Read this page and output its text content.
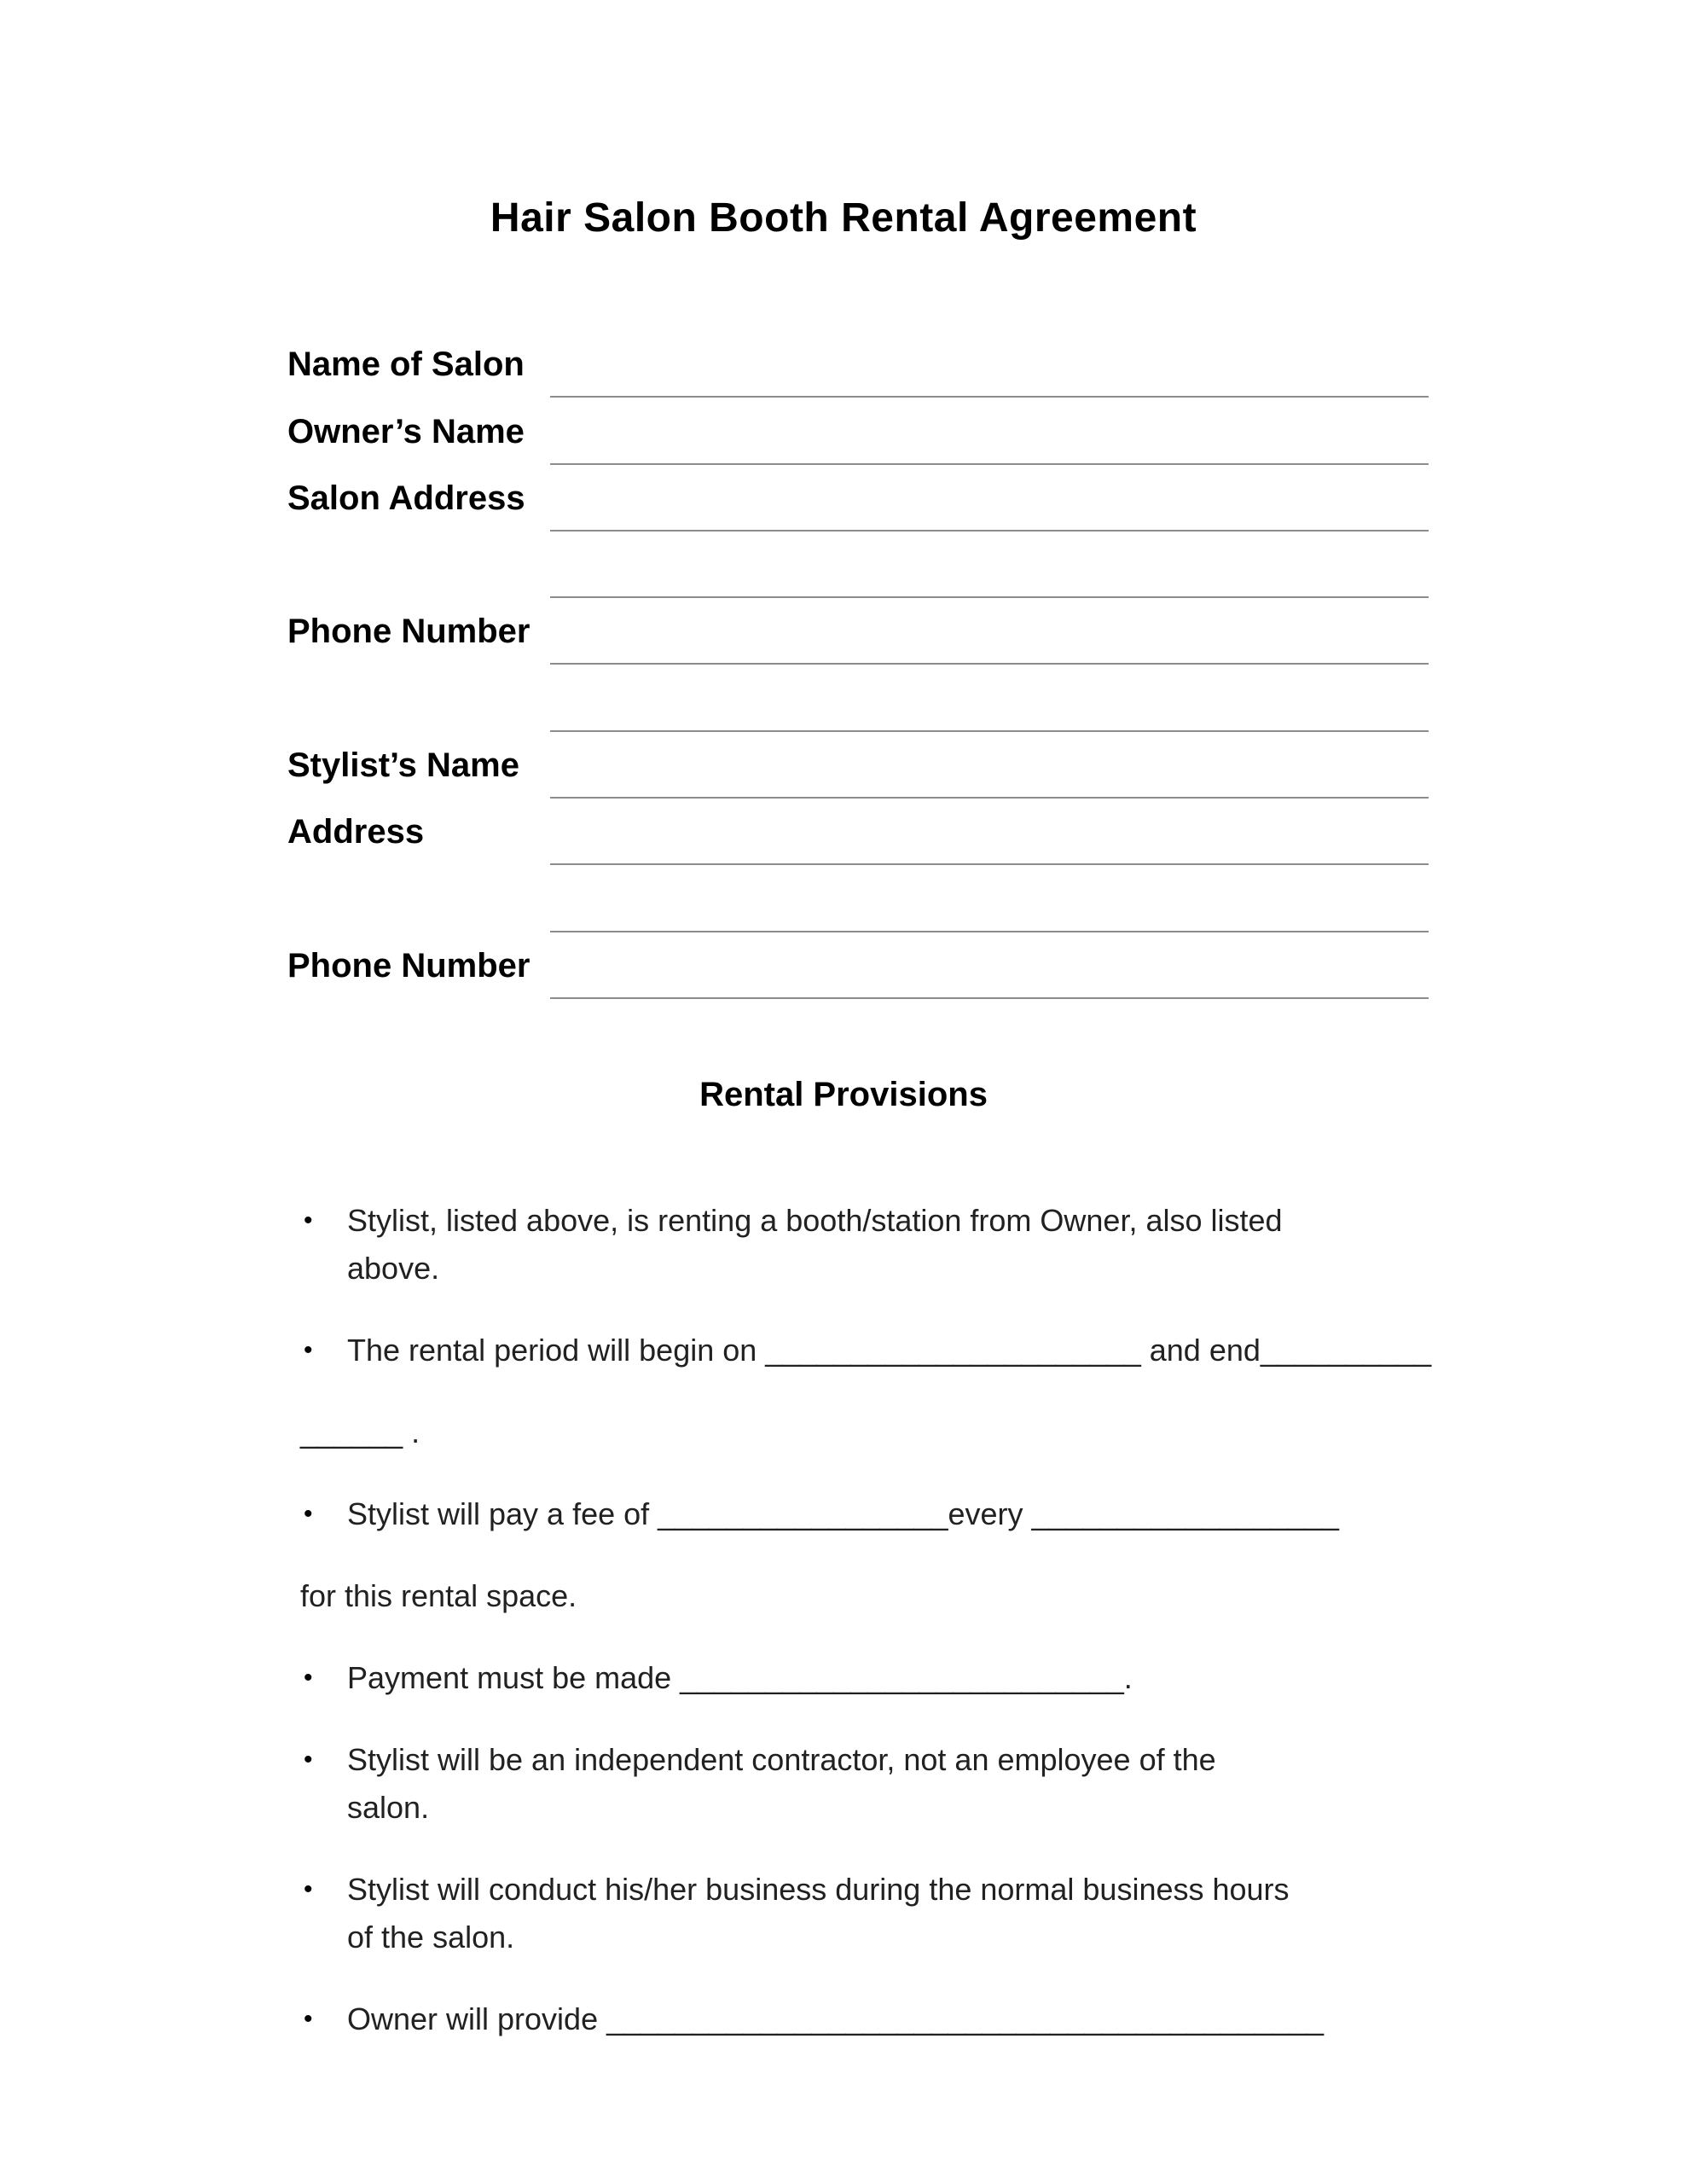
Hair Salon Booth Rental Agreement
Name of Salon
Owner’s Name
Salon Address
Phone Number
Stylist’s Name
Address
Phone Number
Rental Provisions
• Stylist, listed above, is renting a booth/station from Owner, also listed
above.
• The rental period will begin on ______________________ and end__________
______ .
• Stylist will pay a fee of _________________every __________________
for this rental space.
• Payment must be made __________________________.
• Stylist will be an independent contractor, not an employee of the
salon.
• Stylist will conduct his/her business during the normal business hours
of the salon.
• Owner will provide __________________________________________
